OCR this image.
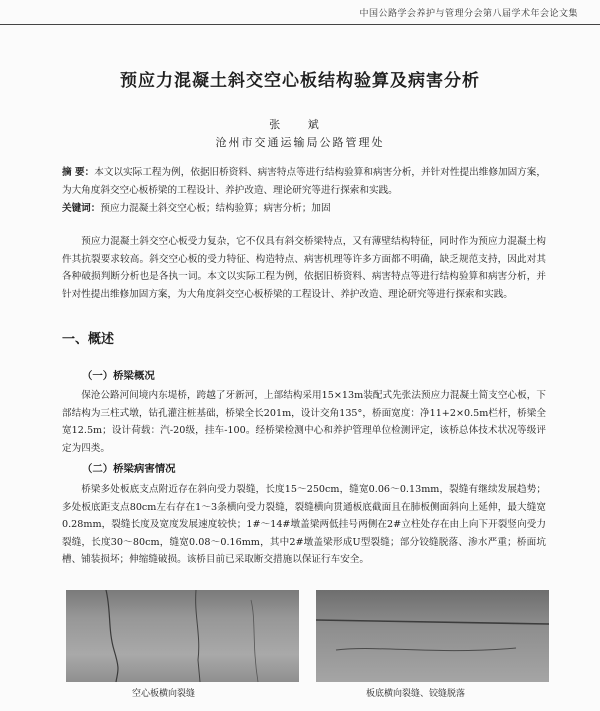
中国公路学会养护与管理分会第八届学术年会论文集
预应力混凝土斜交空心板结构验算及病害分析
张 斌
沧州市交通运输局公路管理处
摘 要：本文以实际工程为例，依据旧桥资料、病害特点等进行结构验算和病害分析，并针对性提出维修加固方案，为大角度斜交空心板桥梁的工程设计、养护改造、理论研究等进行探索和实践。
关键词：预应力混凝土斜交空心板；结构验算；病害分析；加固
预应力混凝土斜交空心板受力复杂，它不仅具有斜交桥梁特点，又有薄壁结构特征，同时作为预应力混凝土构件其抗裂要求较高。斜交空心板的受力特征、构造特点、病害机理等许多方面都不明确，缺乏规范支持，因此对其各种破损判断分析也是各执一词。本文以实际工程为例，依据旧桥资料、病害特点等进行结构验算和病害分析，并针对性提出维修加固方案，为大角度斜交空心板桥梁的工程设计、养护改造、理论研究等进行探索和实践。
一、概述
（一）桥梁概况
保沧公路河间境内东堤桥，跨越了牙新河，上部结构采用15×13m装配式先张法预应力混凝土简支空心板，下部结构为三柱式墩，钻孔灌注桩基础，桥梁全长201m，设计交角135°，桥面宽度：净11+2×0.5m栏杆，桥梁全宽12.5m；设计荷载：汽-20级，挂车-100。经桥梁检测中心和养护管理单位检测评定，该桥总体技术状况等级评定为四类。
（二）桥梁病害情况
桥梁多处板底支点附近存在斜向受力裂缝，长度15～250cm，缝宽0.06～0.13mm，裂缝有继续发展趋势；多处板底距支点80cm左右存在1～3条横向受力裂缝，裂缝横向贯通板底截面且在肺板侧面斜向上延伸，最大缝宽0.28mm，裂缝长度及宽度发展速度较快；1#～14#墩盖梁两低挂号两侧在2#立柱处存在由上向下开裂竖向受力裂缝，长度30～80cm，缝宽0.08～0.16mm，其中2#墩盖梁形成U型裂缝；部分铰缝脱落、渗水严重；桥面坑槽、铺装损坏；伸缩缝破损。该桥目前已采取断交措施以保证行车安全。
空心板横向裂缝	板底横向裂缝、铰缝脱落
